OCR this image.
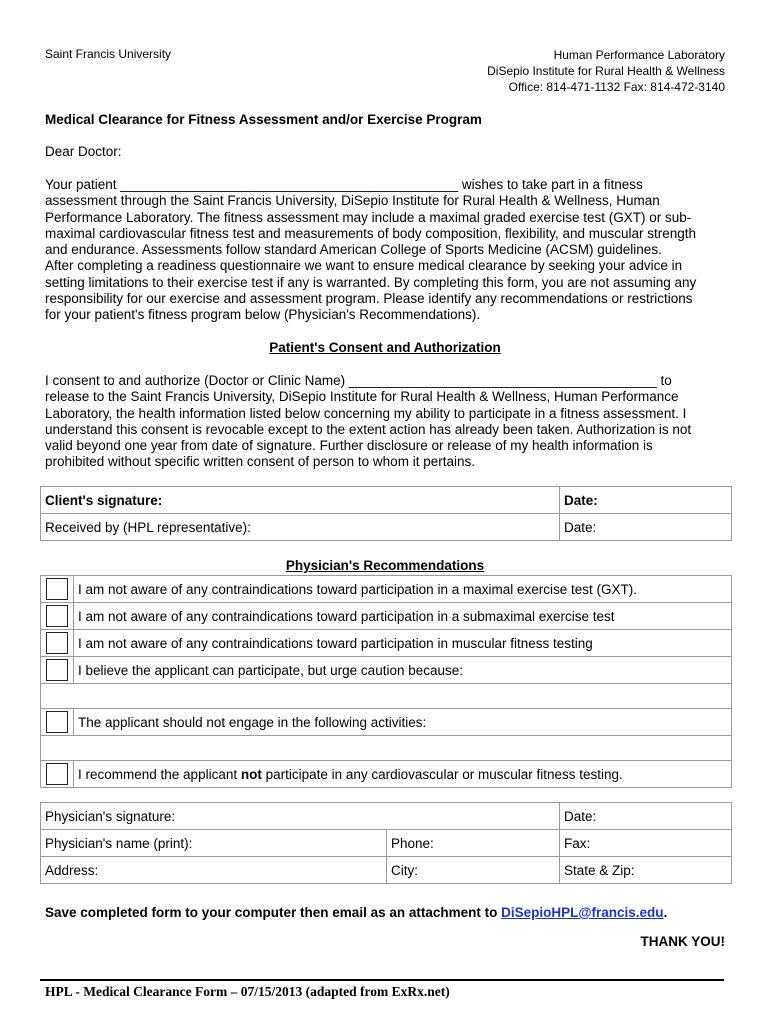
Saint Francis University	Human Performance Laboratory
DiSepio Institute for Rural Health & Wellness
Office: 814-471-1132 Fax: 814-472-3140
Medical Clearance for Fitness Assessment and/or Exercise Program
Dear Doctor:

Your patient _____________________________________________ wishes to take part in a fitness

assessment through the Saint Francis University, DiSepio Institute for Rural Health & Wellness, Human

Performance Laboratory. The fitness assessment may include a maximal graded exercise test (GXT) or sub-

maximal cardiovascular fitness test and measurements of body composition, flexibility, and muscular strength

and endurance. Assessments follow standard American College of Sports Medicine (ACSM) guidelines.

After completing a readiness questionnaire we want to ensure medical clearance by seeking your advice in

setting limitations to their exercise test if any is warranted. By completing this form, you are not assuming any

responsibility for our exercise and assessment program. Please identify any recommendations or restrictions

for your patient's fitness program below (Physician's Recommendations).

Patient's Consent and Authorization

I consent to and authorize (Doctor or Clinic Name) _________________________________________ to

release to the Saint Francis University, DiSepio Institute for Rural Health & Wellness, Human Performance

Laboratory, the health information listed below concerning my ability to participate in a fitness assessment. I

understand this consent is revocable except to the extent action has already been taken. Authorization is not

valid beyond one year from date of signature. Further disclosure or release of my health information is

prohibited without specific written consent of person to whom it pertains.

Client's signature:	Date:
Received by (HPL representative):	Date:
Physician's Recommendations
	I am not aware of any contraindications toward participation in a maximal exercise test (GXT).
	I am not aware of any contraindications toward participation in a submaximal exercise test
	I am not aware of any contraindications toward participation in muscular fitness testing
	I believe the applicant can participate, but urge caution because:

	The applicant should not engage in the following activities:

	I recommend the applicant not participate in any cardiovascular or muscular fitness testing.
Physician's signature:		Date:
Physician's name (print):	Phone:	Fax:
Address:	City:	State & Zip:
Save completed form to your computer then email as an attachment to DiSepioHPL@francis.edu.
THANK YOU!
HPL - Medical Clearance Form – 07/15/2013 (adapted from ExRx.net)
